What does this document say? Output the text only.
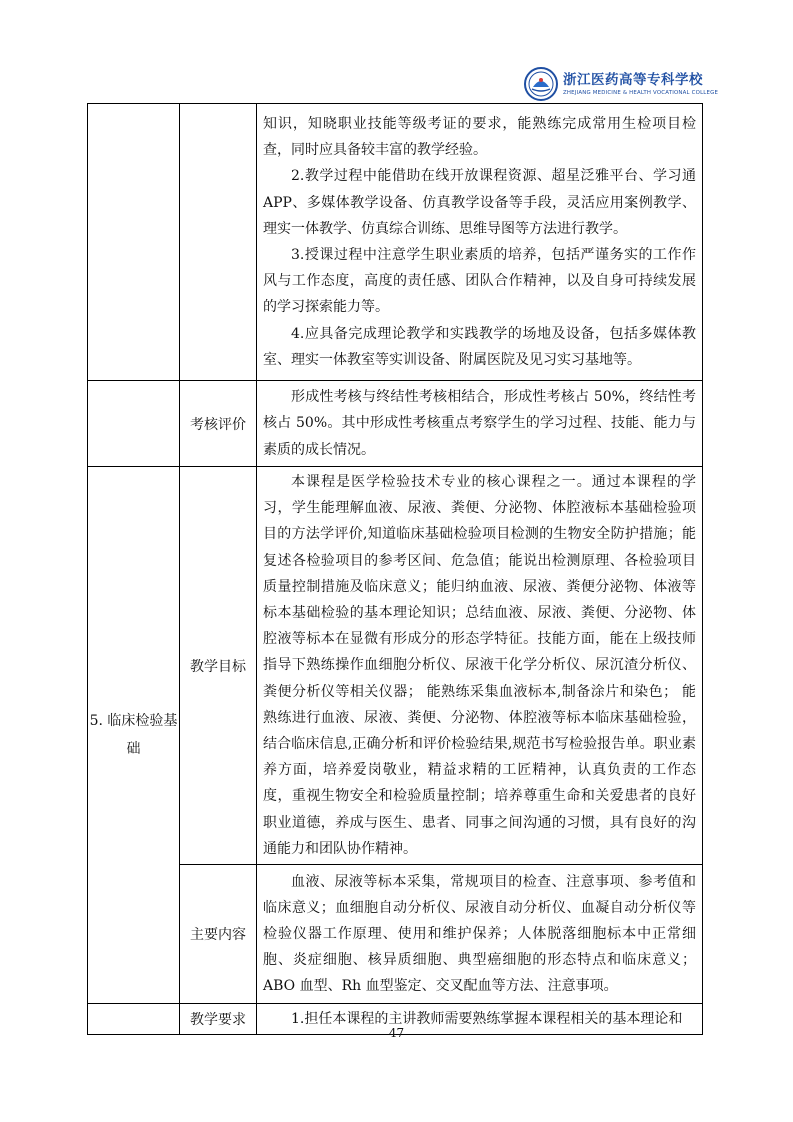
浙江医药高等专科学校
ZHEJIANG MEDICINE & HEALTH VOCATIONAL COLLEGE

		知识，知晓职业技能等级考证的要求，能熟练完成常用生检项目检查，同时应具备较丰富的教学经验。

2.教学过程中能借助在线开放课程资源、超星泛雅平台、学习通 APP、多媒体教学设备、仿真教学设备等手段，灵活应用案例教学、理实一体教学、仿真综合训练、思维导图等方法进行教学。

3.授课过程中注意学生职业素质的培养，包括严谨务实的工作作风与工作态度，高度的责任感、团队合作精神，以及自身可持续发展的学习探索能力等。

4.应具备完成理论教学和实践教学的场地及设备，包括多媒体教室、理实一体教室等实训设备、附属医院及见习实习基地等。

	考核评价	形成性考核与终结性考核相结合，形成性考核占 50%，终结性考核占 50%。其中形成性考核重点考察学生的学习过程、技能、能力与素质的成长情况。

5. 临床检验基础	教学目标	本课程是医学检验技术专业的核心课程之一。通过本课程的学习，学生能理解血液、尿液、粪便、分泌物、体腔液标本基础检验项目的方法学评价,知道临床基础检验项目检测的生物安全防护措施；能复述各检验项目的参考区间、危急值；能说出检测原理、各检验项目质量控制措施及临床意义；能归纳血液、尿液、粪便分泌物、体液等标本基础检验的基本理论知识；总结血液、尿液、粪便、分泌物、体腔液等标本在显微有形成分的形态学特征。技能方面，能在上级技师指导下熟练操作血细胞分析仪、尿液干化学分析仪、尿沉渣分析仪、粪便分析仪等相关仪器； 能熟练采集血液标本,制备涂片和染色； 能熟练进行血液、尿液、粪便、分泌物、体腔液等标本临床基础检验，结合临床信息,正确分析和评价检验结果,规范书写检验报告单。职业素养方面，培养爱岗敬业，精益求精的工匠精神，认真负责的工作态度，重视生物安全和检验质量控制；培养尊重生命和关爱患者的良好职业道德，养成与医生、患者、同事之间沟通的习惯，具有良好的沟通能力和团队协作精神。

	主要内容	血液、尿液等标本采集，常规项目的检查、注意事项、参考值和临床意义；血细胞自动分析仪、尿液自动分析仪、血凝自动分析仪等检验仪器工作原理、使用和维护保养；人体脱落细胞标本中正常细胞、炎症细胞、核异质细胞、典型癌细胞的形态特点和临床意义；ABO 血型、Rh 血型鉴定、交叉配血等方法、注意事项。

	教学要求	1.担任本课程的主讲教师需要熟练掌握本课程相关的基本理论和

47
